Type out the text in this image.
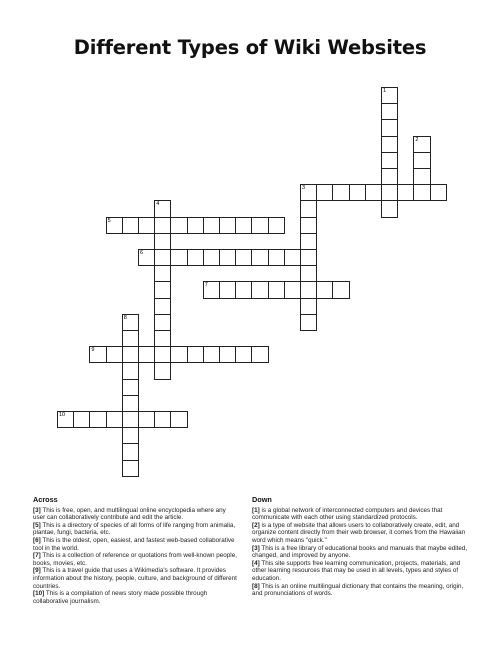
Different Types of Wiki Websites
1
2
3
4
5
6
7
8
9
10
Across

[3] This is free, open, and multilingual online encyclopedia where any user can collaboratively contribute and edit the article.

[5] This is a directory of species of all forms of life ranging from animalia, plantae, fungi, bacteria, etc.

[6] This is the oldest, open, easiest, and fastest web-based collaborative tool in the world.

[7] This is a collection of reference or quotations from well-known people, books, movies, etc.

[9] This is a travel guide that uses a Wikimedia's software. It provides information about the history, people, culture, and background of different countries.

[10] This is a compilation of news story made possible through collaborative journalism.

Down

[1] is a global network of interconnected computers and devices that communicate with each other using standardized protocols.

[2] is a type of website that allows users to collaboratively create, edit, and organize content directly from their web browser, it comes from the Hawaiian word which means "quick."

[3] This is a free library of educational books and manuals that maybe edited, changed, and improved by anyone.

[4] This site supports free learning communication, projects, materials, and other learning resources that may be used in all levels, types and styles of education.

[8] This is an online multilingual dictionary that contains the meaning, origin, and pronunciations of words.
